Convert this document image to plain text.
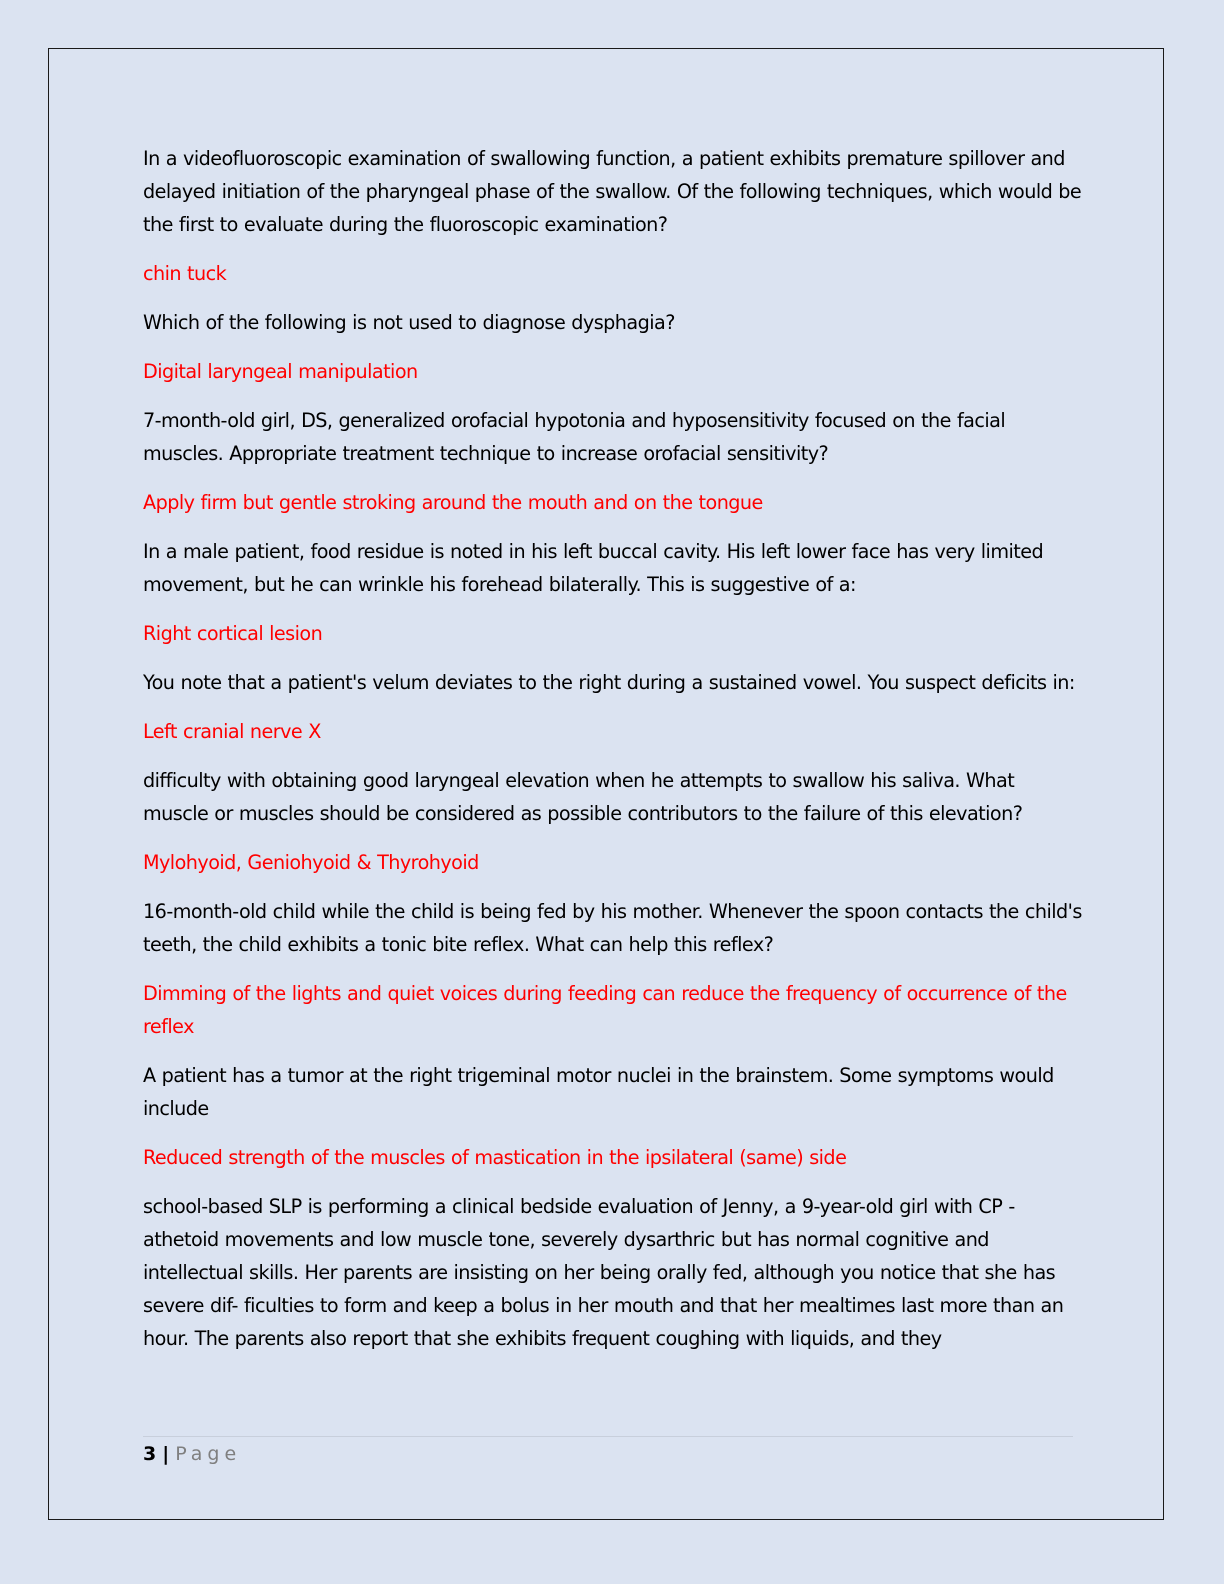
In a videofluoroscopic examination of swallowing function, a patient exhibits premature spillover and delayed initiation of the pharyngeal phase of the swallow. Of the following techniques, which would be the first to evaluate during the fluoroscopic examination?

chin tuck

Which of the following is not used to diagnose dysphagia?

Digital laryngeal manipulation

7-month-old girl, DS, generalized orofacial hypotonia and hyposensitivity focused on the facial muscles. Appropriate treatment technique to increase orofacial sensitivity?

Apply firm but gentle stroking around the mouth and on the tongue

In a male patient, food residue is noted in his left buccal cavity. His left lower face has very limited movement, but he can wrinkle his forehead bilaterally. This is suggestive of a:

Right cortical lesion

You note that a patient's velum deviates to the right during a sustained vowel. You suspect deficits in:

Left cranial nerve X

difficulty with obtaining good laryngeal elevation when he attempts to swallow his saliva. What muscle or muscles should be considered as possible contributors to the failure of this elevation?

Mylohyoid, Geniohyoid & Thyrohyoid

16-month-old child while the child is being fed by his mother. Whenever the spoon contacts the child's teeth, the child exhibits a tonic bite reflex. What can help this reflex?

Dimming of the lights and quiet voices during feeding can reduce the frequency of occurrence of the reflex

A patient has a tumor at the right trigeminal motor nuclei in the brainstem. Some symptoms would include

Reduced strength of the muscles of mastication in the ipsilateral (same) side

school-based SLP is performing a clinical bedside evaluation of Jenny, a 9-year-old girl with CP - athetoid movements and low muscle tone, severely dysarthric but has normal cognitive and intellectual skills. Her parents are insisting on her being orally fed, although you notice that she has severe dif- ficulties to form and keep a bolus in her mouth and that her mealtimes last more than an hour. The parents also report that she exhibits frequent coughing with liquids, and they

3 | Page
